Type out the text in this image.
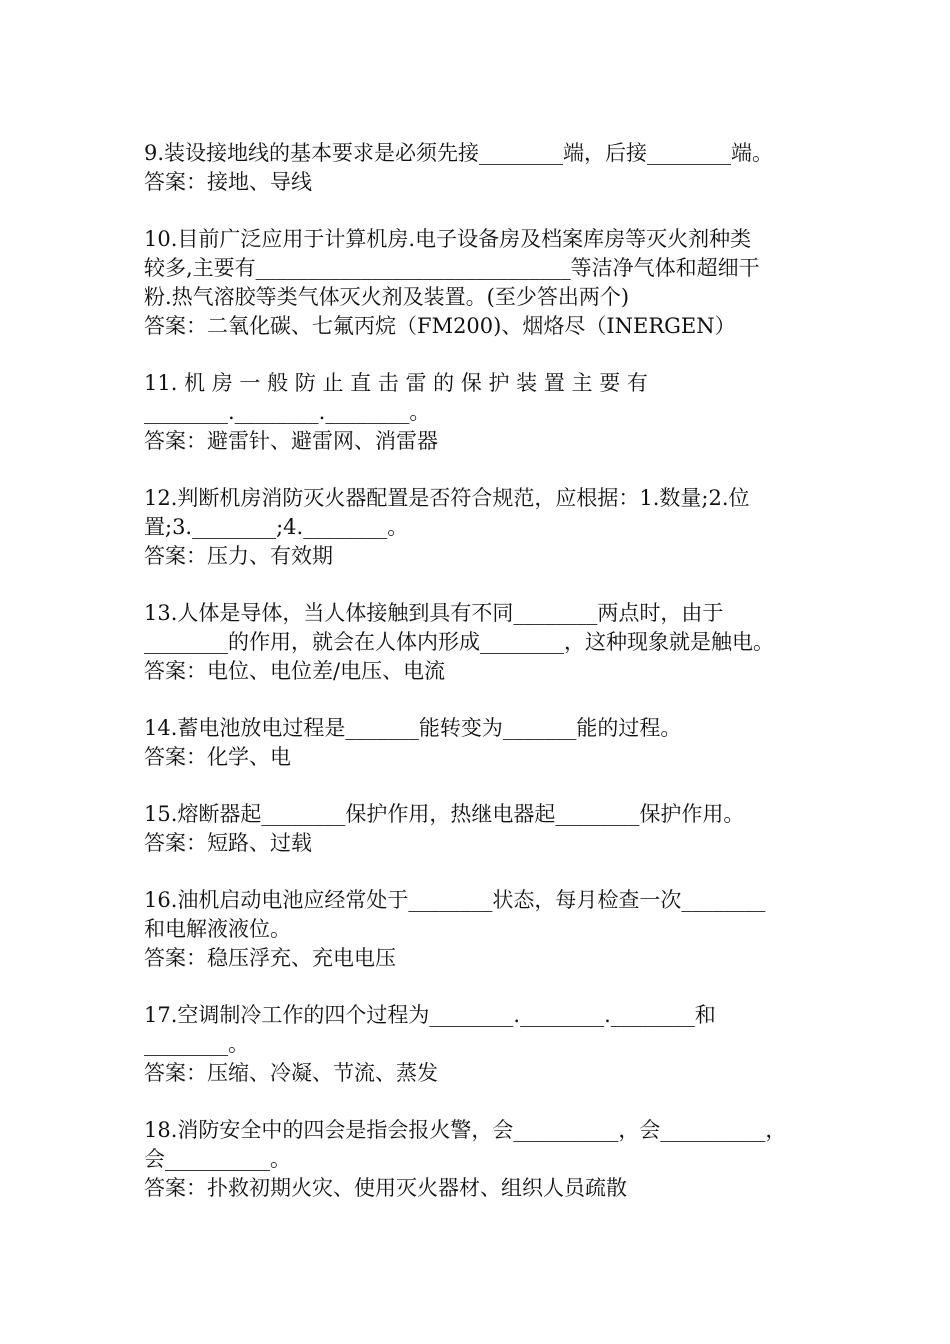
9.装设接地线的基本要求是必须先接________端，后接________端。
答案：接地、导线
10.目前广泛应用于计算机房.电子设备房及档案库房等灭火剂种类
较多,主要有______________________________等洁净气体和超细干
粉.热气溶胶等类气体灭火剂及装置。(至少答出两个)
答案：二氧化碳、七氟丙烷（FM200)、烟烙尽（INERGEN）
11. 机 房 一 般 防 止 直 击 雷 的 保 护 装 置 主 要 有
________.________.________。
答案：避雷针、避雷网、消雷器
12.判断机房消防灭火器配置是否符合规范，应根据：1.数量;2.位
置;3.________;4.________。
答案：压力、有效期
13.人体是导体，当人体接触到具有不同________两点时，由于
________的作用，就会在人体内形成________，这种现象就是触电。
答案：电位、电位差/电压、电流
14.蓄电池放电过程是_______能转变为_______能的过程。
答案：化学、电
15.熔断器起________保护作用，热继电器起________保护作用。
答案：短路、过载
16.油机启动电池应经常处于________状态，每月检查一次________
和电解液液位。
答案：稳压浮充、充电电压
17.空调制冷工作的四个过程为________.________.________和
________。
答案：压缩、冷凝、节流、蒸发
18.消防安全中的四会是指会报火警，会__________，会__________，
会__________。
答案：扑救初期火灾、使用灭火器材、组织人员疏散
